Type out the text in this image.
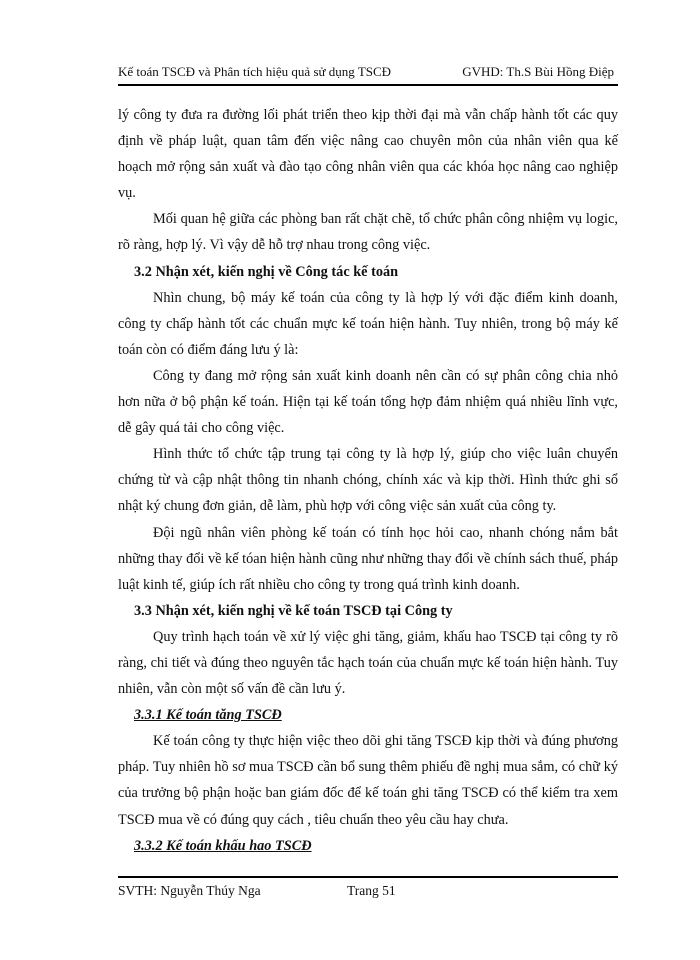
Kế toán TSCĐ và Phân tích hiệu quả sử dụng TSCĐ	GVHD: Th.S Bùi Hồng Điệp

lý công ty đưa ra đường lối phát triển theo kịp thời đại mà vẫn chấp hành tốt các quy định về pháp luật, quan tâm đến việc nâng cao chuyên môn của nhân viên qua kế hoạch mở rộng sản xuất và đào tạo công nhân viên qua các khóa học nâng cao nghiệp vụ.

Mối quan hệ giữa các phòng ban rất chặt chẽ, tổ chức phân công nhiệm vụ logic, rõ ràng, hợp lý. Vì vậy dễ hỗ trợ nhau trong công việc.

3.2 Nhận xét, kiến nghị về Công tác kế toán

Nhìn chung, bộ máy kế toán của công ty là hợp lý với đặc điểm kinh doanh, công ty chấp hành tốt các chuẩn mực kế toán hiện hành. Tuy nhiên, trong bộ máy kế toán còn có điểm đáng lưu ý là:

Công ty đang mở rộng sản xuất kinh doanh nên cần có sự phân công chia nhỏ hơn nữa ở bộ phận kế toán. Hiện tại kế toán tổng hợp đảm nhiệm quá nhiều lĩnh vực, dễ gây quá tải cho công việc.

Hình thức tổ chức tập trung tại công ty là hợp lý, giúp cho việc luân chuyển chứng từ và cập nhật thông tin nhanh chóng, chính xác và kịp thời. Hình thức ghi sổ nhật ký chung đơn giản, dễ làm, phù hợp với công việc sản xuất của công ty.

Đội ngũ nhân viên phòng kế toán có tính học hỏi cao, nhanh chóng nắm bắt những thay đổi về kế tóan hiện hành cũng như những thay đổi về chính sách thuế, pháp luật kinh tế, giúp ích rất nhiều cho công ty trong quá trình kinh doanh.

3.3 Nhận xét, kiến nghị về kế toán TSCĐ tại Công ty

Quy trình hạch toán về xử lý việc ghi tăng, giảm, khấu hao TSCĐ tại công ty rõ ràng, chi tiết và đúng theo nguyên tắc hạch toán của chuẩn mực kế toán hiện hành. Tuy nhiên, vẫn còn một số vấn đề cần lưu ý.

3.3.1 Kế toán tăng TSCĐ

Kế toán công ty thực hiện việc theo dõi ghi tăng TSCĐ kịp thời và đúng phương pháp. Tuy nhiên hồ sơ mua TSCĐ cần bổ sung thêm phiếu đề nghị mua sắm, có chữ ký của trưởng bộ phận hoặc ban giám đốc để kế toán ghi tăng TSCĐ có thể kiểm tra xem TSCĐ mua về có đúng quy cách , tiêu chuẩn theo yêu cầu hay chưa.

3.3.2 Kế toán khấu hao TSCĐ

SVTH: Nguyễn Thúy Nga	Trang 51
